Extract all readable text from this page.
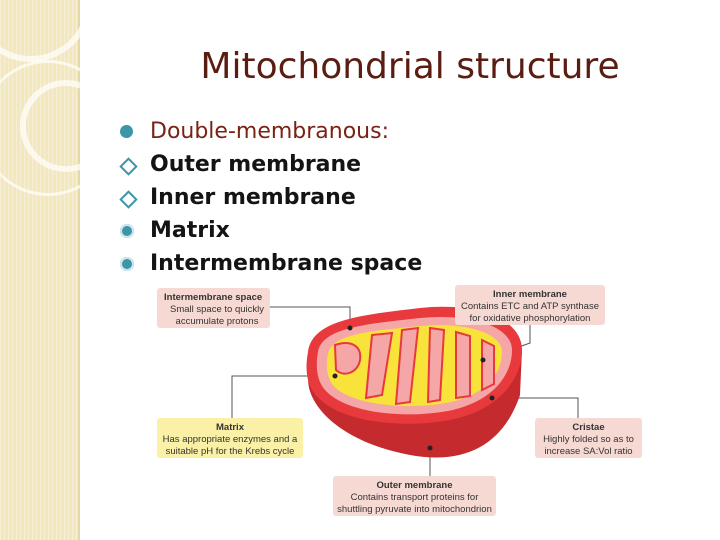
Mitochondrial structure
Double-membranous:
Outer membrane
Inner membrane
Matrix
Intermembrane space
Intermembrane space
Small space to quickly
accumulate protons
Inner membrane
Contains ETC and ATP synthase
for oxidative phosphorylation
Matrix
Has appropriate enzymes and a
suitable pH for the Krebs cycle
Cristae
Highly folded so as to
increase SA:Vol ratio
Outer membrane
Contains transport proteins for
shuttling pyruvate into mitochondrion
